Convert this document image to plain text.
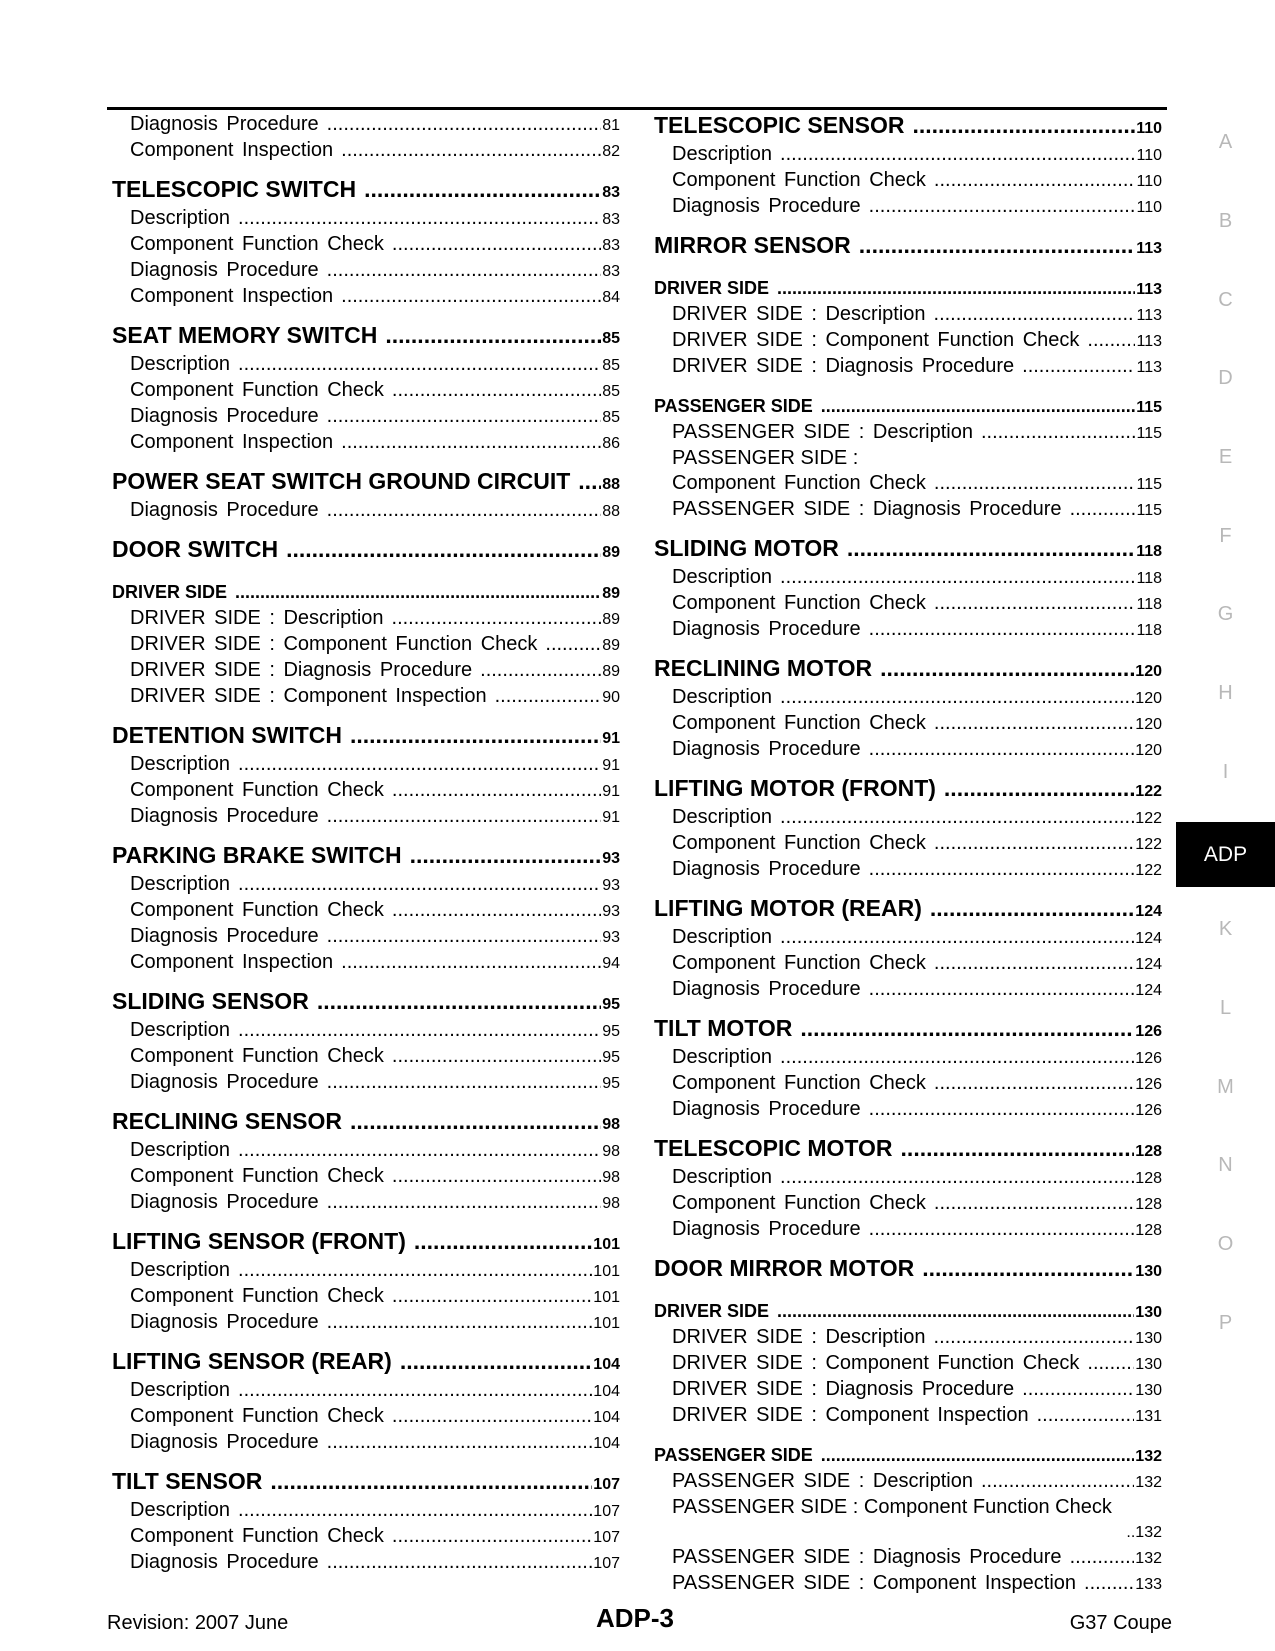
Diagnosis Procedure .....	81
Component Inspection .....	82
TELESCOPIC SWITCH .....	83
Description .....	83
Component Function Check .....	83
Diagnosis Procedure .....	83
Component Inspection .....	84
SEAT MEMORY SWITCH .....	85
Description .....	85
Component Function Check .....	85
Diagnosis Procedure .....	85
Component Inspection .....	86
POWER SEAT SWITCH GROUND CIRCUIT ..... 88
Diagnosis Procedure .....	88
DOOR SWITCH .....	89
DRIVER SIDE .....	89
DRIVER SIDE : Description .....	89
DRIVER SIDE : Component Function Check .....	89
DRIVER SIDE : Diagnosis Procedure .....	89
DRIVER SIDE : Component Inspection .....	90
DETENTION SWITCH .....	91
Description .....	91
Component Function Check .....	91
Diagnosis Procedure .....	91
PARKING BRAKE SWITCH .....	93
Description .....	93
Component Function Check .....	93
Diagnosis Procedure .....	93
Component Inspection .....	94
SLIDING SENSOR .....	95
Description .....	95
Component Function Check .....	95
Diagnosis Procedure .....	95
RECLINING SENSOR .....	98
Description .....	98
Component Function Check .....	98
Diagnosis Procedure .....	98
LIFTING SENSOR (FRONT) .....	101
Description .....	101
Component Function Check .....	101
Diagnosis Procedure .....	101
LIFTING SENSOR (REAR) .....	104
Description .....	104
Component Function Check .....	104
Diagnosis Procedure .....	104
TILT SENSOR .....	107
Description .....	107
Component Function Check .....	107
Diagnosis Procedure .....	107
TELESCOPIC SENSOR .....	110
Description .....	110
Component Function Check .....	110
Diagnosis Procedure .....	110
MIRROR SENSOR .....	113
DRIVER SIDE .....	113
DRIVER SIDE : Description .....	113
DRIVER SIDE : Component Function Check .....	113
DRIVER SIDE : Diagnosis Procedure .....	113
PASSENGER SIDE .....	115
PASSENGER SIDE : Description .....	115
PASSENGER SIDE :
Component Function Check .....	115
PASSENGER SIDE : Diagnosis Procedure .....	115
SLIDING MOTOR .....	118
Description .....	118
Component Function Check .....	118
Diagnosis Procedure .....	118
RECLINING MOTOR .....	120
Description .....	120
Component Function Check .....	120
Diagnosis Procedure .....	120
LIFTING MOTOR (FRONT) .....	122
Description .....	122
Component Function Check .....	122
Diagnosis Procedure .....	122
LIFTING MOTOR (REAR) .....	124
Description .....	124
Component Function Check .....	124
Diagnosis Procedure .....	124
TILT MOTOR .....	126
Description .....	126
Component Function Check .....	126
Diagnosis Procedure .....	126
TELESCOPIC MOTOR .....	128
Description .....	128
Component Function Check .....	128
Diagnosis Procedure .....	128
DOOR MIRROR MOTOR .....	130
DRIVER SIDE .....	130
DRIVER SIDE : Description .....	130
DRIVER SIDE : Component Function Check .....	130
DRIVER SIDE : Diagnosis Procedure .....	130
DRIVER SIDE : Component Inspection .....	131
PASSENGER SIDE .....	132
PASSENGER SIDE : Description .....	132
PASSENGER SIDE : Component Function Check
..132
PASSENGER SIDE : Diagnosis Procedure .....	132
PASSENGER SIDE : Component Inspection .....	133
A
B
C
D
E
F
G
H
I
ADP
K
L
M
N
O
P
Revision: 2007 June	ADP-3	G37 Coupe
